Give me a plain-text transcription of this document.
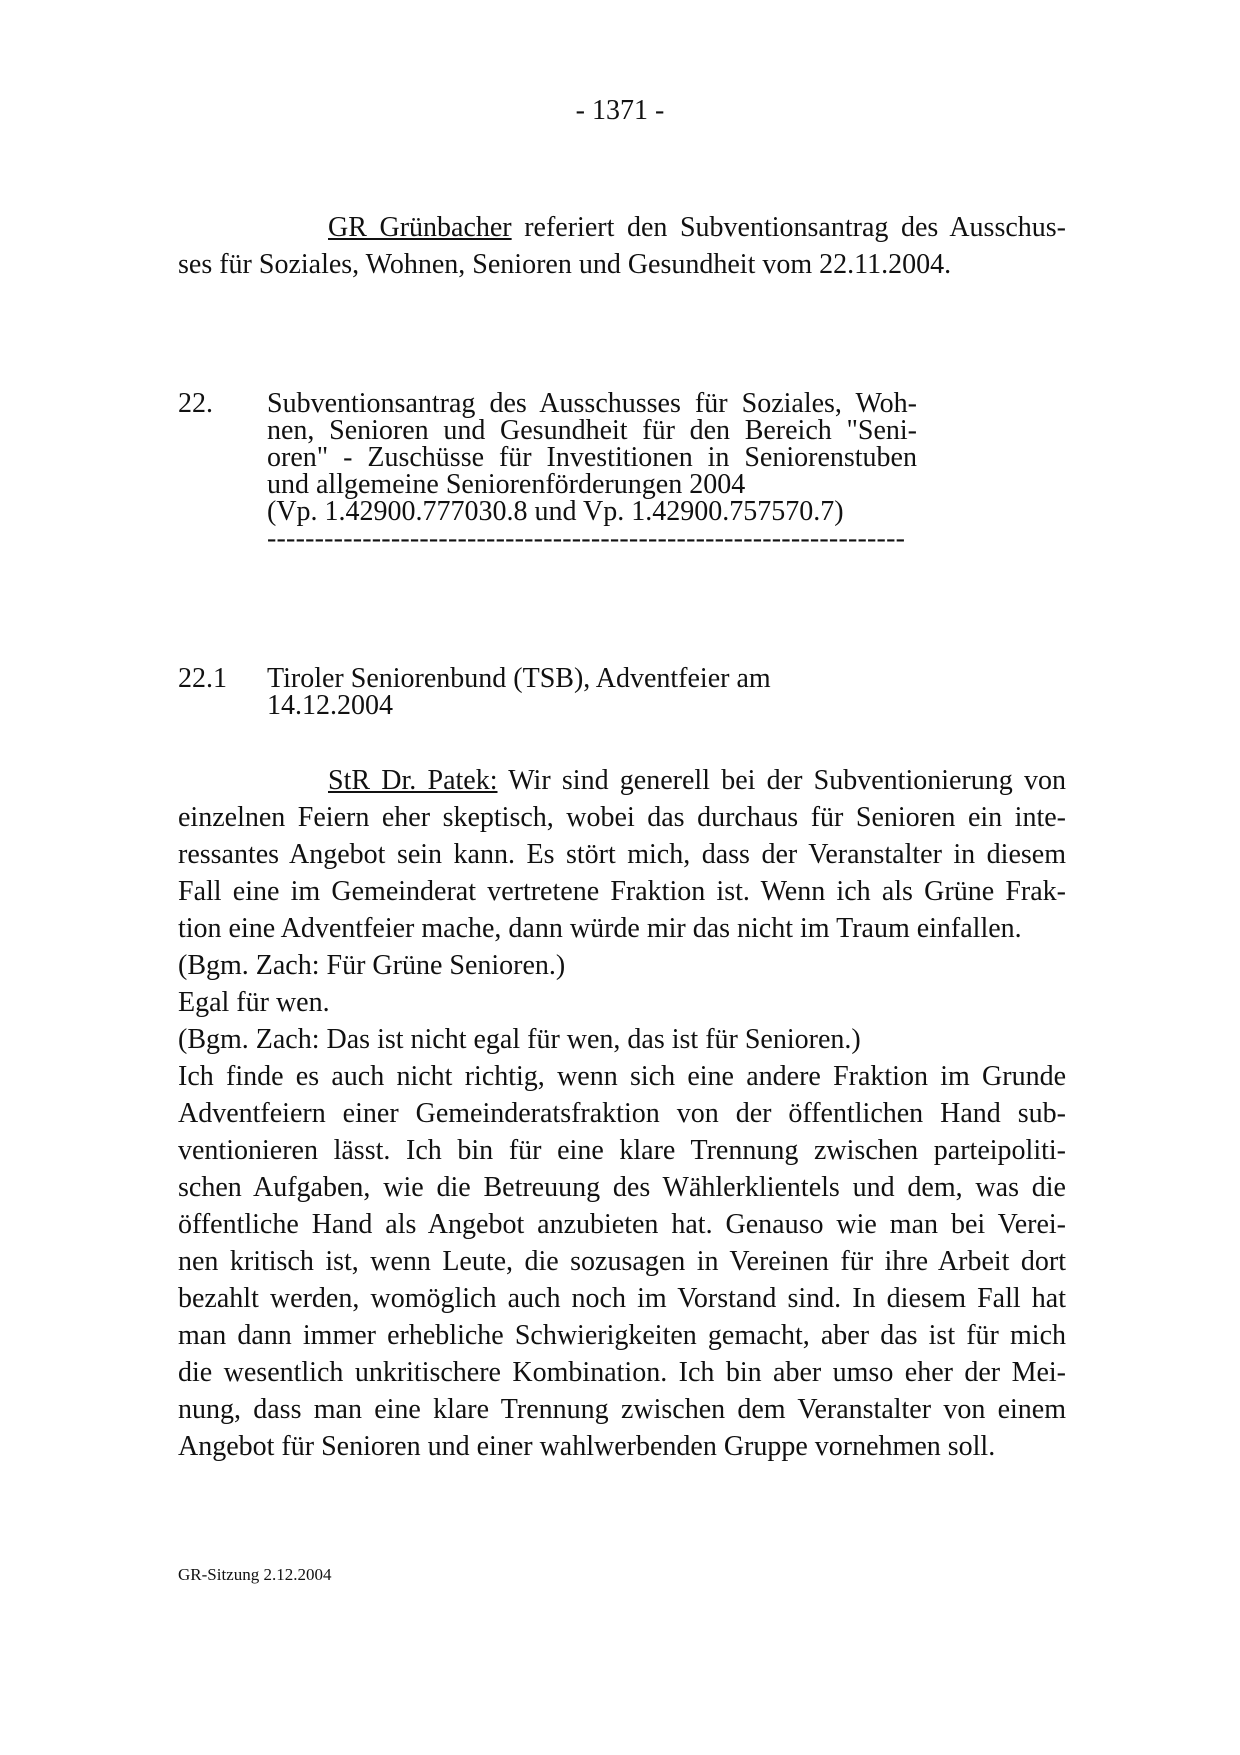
- 1371 -
GR Grünbacher referiert den Subventionsantrag des Ausschus-
ses für Soziales, Wohnen, Senioren und Gesundheit vom 22.11.2004.
22. Subventionsantrag des Ausschusses für Soziales, Woh-

nen, Senioren und Gesundheit für den Bereich "Seni-

oren" - Zuschüsse für Investitionen in Seniorenstuben

und allgemeine Seniorenförderungen 2004

(Vp. 1.42900.777030.8 und Vp. 1.42900.757570.7)

-------------------------------------------------------------------

22.1 Tiroler Seniorenbund (TSB), Adventfeier am

14.12.2004

StR Dr. Patek: Wir sind generell bei der Subventionierung von
einzelnen Feiern eher skeptisch, wobei das durchaus für Senioren ein inte-
ressantes Angebot sein kann. Es stört mich, dass der Veranstalter in diesem
Fall eine im Gemeinderat vertretene Fraktion ist. Wenn ich als Grüne Frak-
tion eine Adventfeier mache, dann würde mir das nicht im Traum einfallen.
(Bgm. Zach: Für Grüne Senioren.)
Egal für wen.
(Bgm. Zach: Das ist nicht egal für wen, das ist für Senioren.)
Ich finde es auch nicht richtig, wenn sich eine andere Fraktion im Grunde
Adventfeiern einer Gemeinderatsfraktion von der öffentlichen Hand sub-
ventionieren lässt. Ich bin für eine klare Trennung zwischen parteipoliti-
schen Aufgaben, wie die Betreuung des Wählerklientels und dem, was die
öffentliche Hand als Angebot anzubieten hat. Genauso wie man bei Verei-
nen kritisch ist, wenn Leute, die sozusagen in Vereinen für ihre Arbeit dort
bezahlt werden, womöglich auch noch im Vorstand sind. In diesem Fall hat
man dann immer erhebliche Schwierigkeiten gemacht, aber das ist für mich
die wesentlich unkritischere Kombination. Ich bin aber umso eher der Mei-
nung, dass man eine klare Trennung zwischen dem Veranstalter von einem
Angebot für Senioren und einer wahlwerbenden Gruppe vornehmen soll.
GR-Sitzung 2.12.2004
